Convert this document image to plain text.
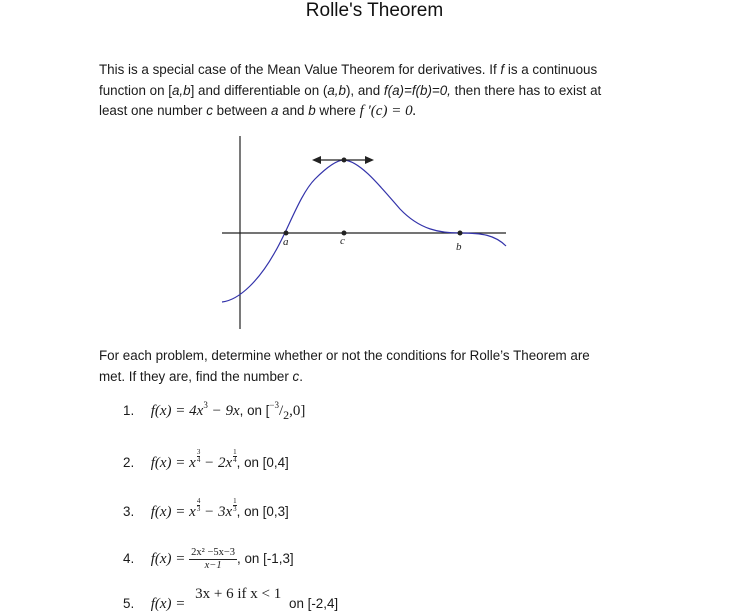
Rolle's Theorem
This is a special case of the Mean Value Theorem for derivatives. If f is a continuous
function on [a,b] and differentiable on (a,b), and f(a)=f(b)=0, then there has to exist at
least one number c between a and b where f ′(c) = 0.
a	c	b
For each problem, determine whether or not the conditions for Rolle’s Theorem are
met. If they are, find the number c.
1. $f(x) = 4x^3 - 9x$, on $[^{-3}/_2,0]$
2. f(x) = x $\frac{3}{4} - 2x \frac{1}{4}$ , on [0,4]
3. f(x) = x $\frac{4}{3} - 3x \frac{1}{3}$ , on [0,3]
4. $f(x) = \frac{\text{2x² −5x−3}}{x-1}$ , on [-1,3]
5. f(x) = 3x + 6 if x < 1 on [-2,4]
